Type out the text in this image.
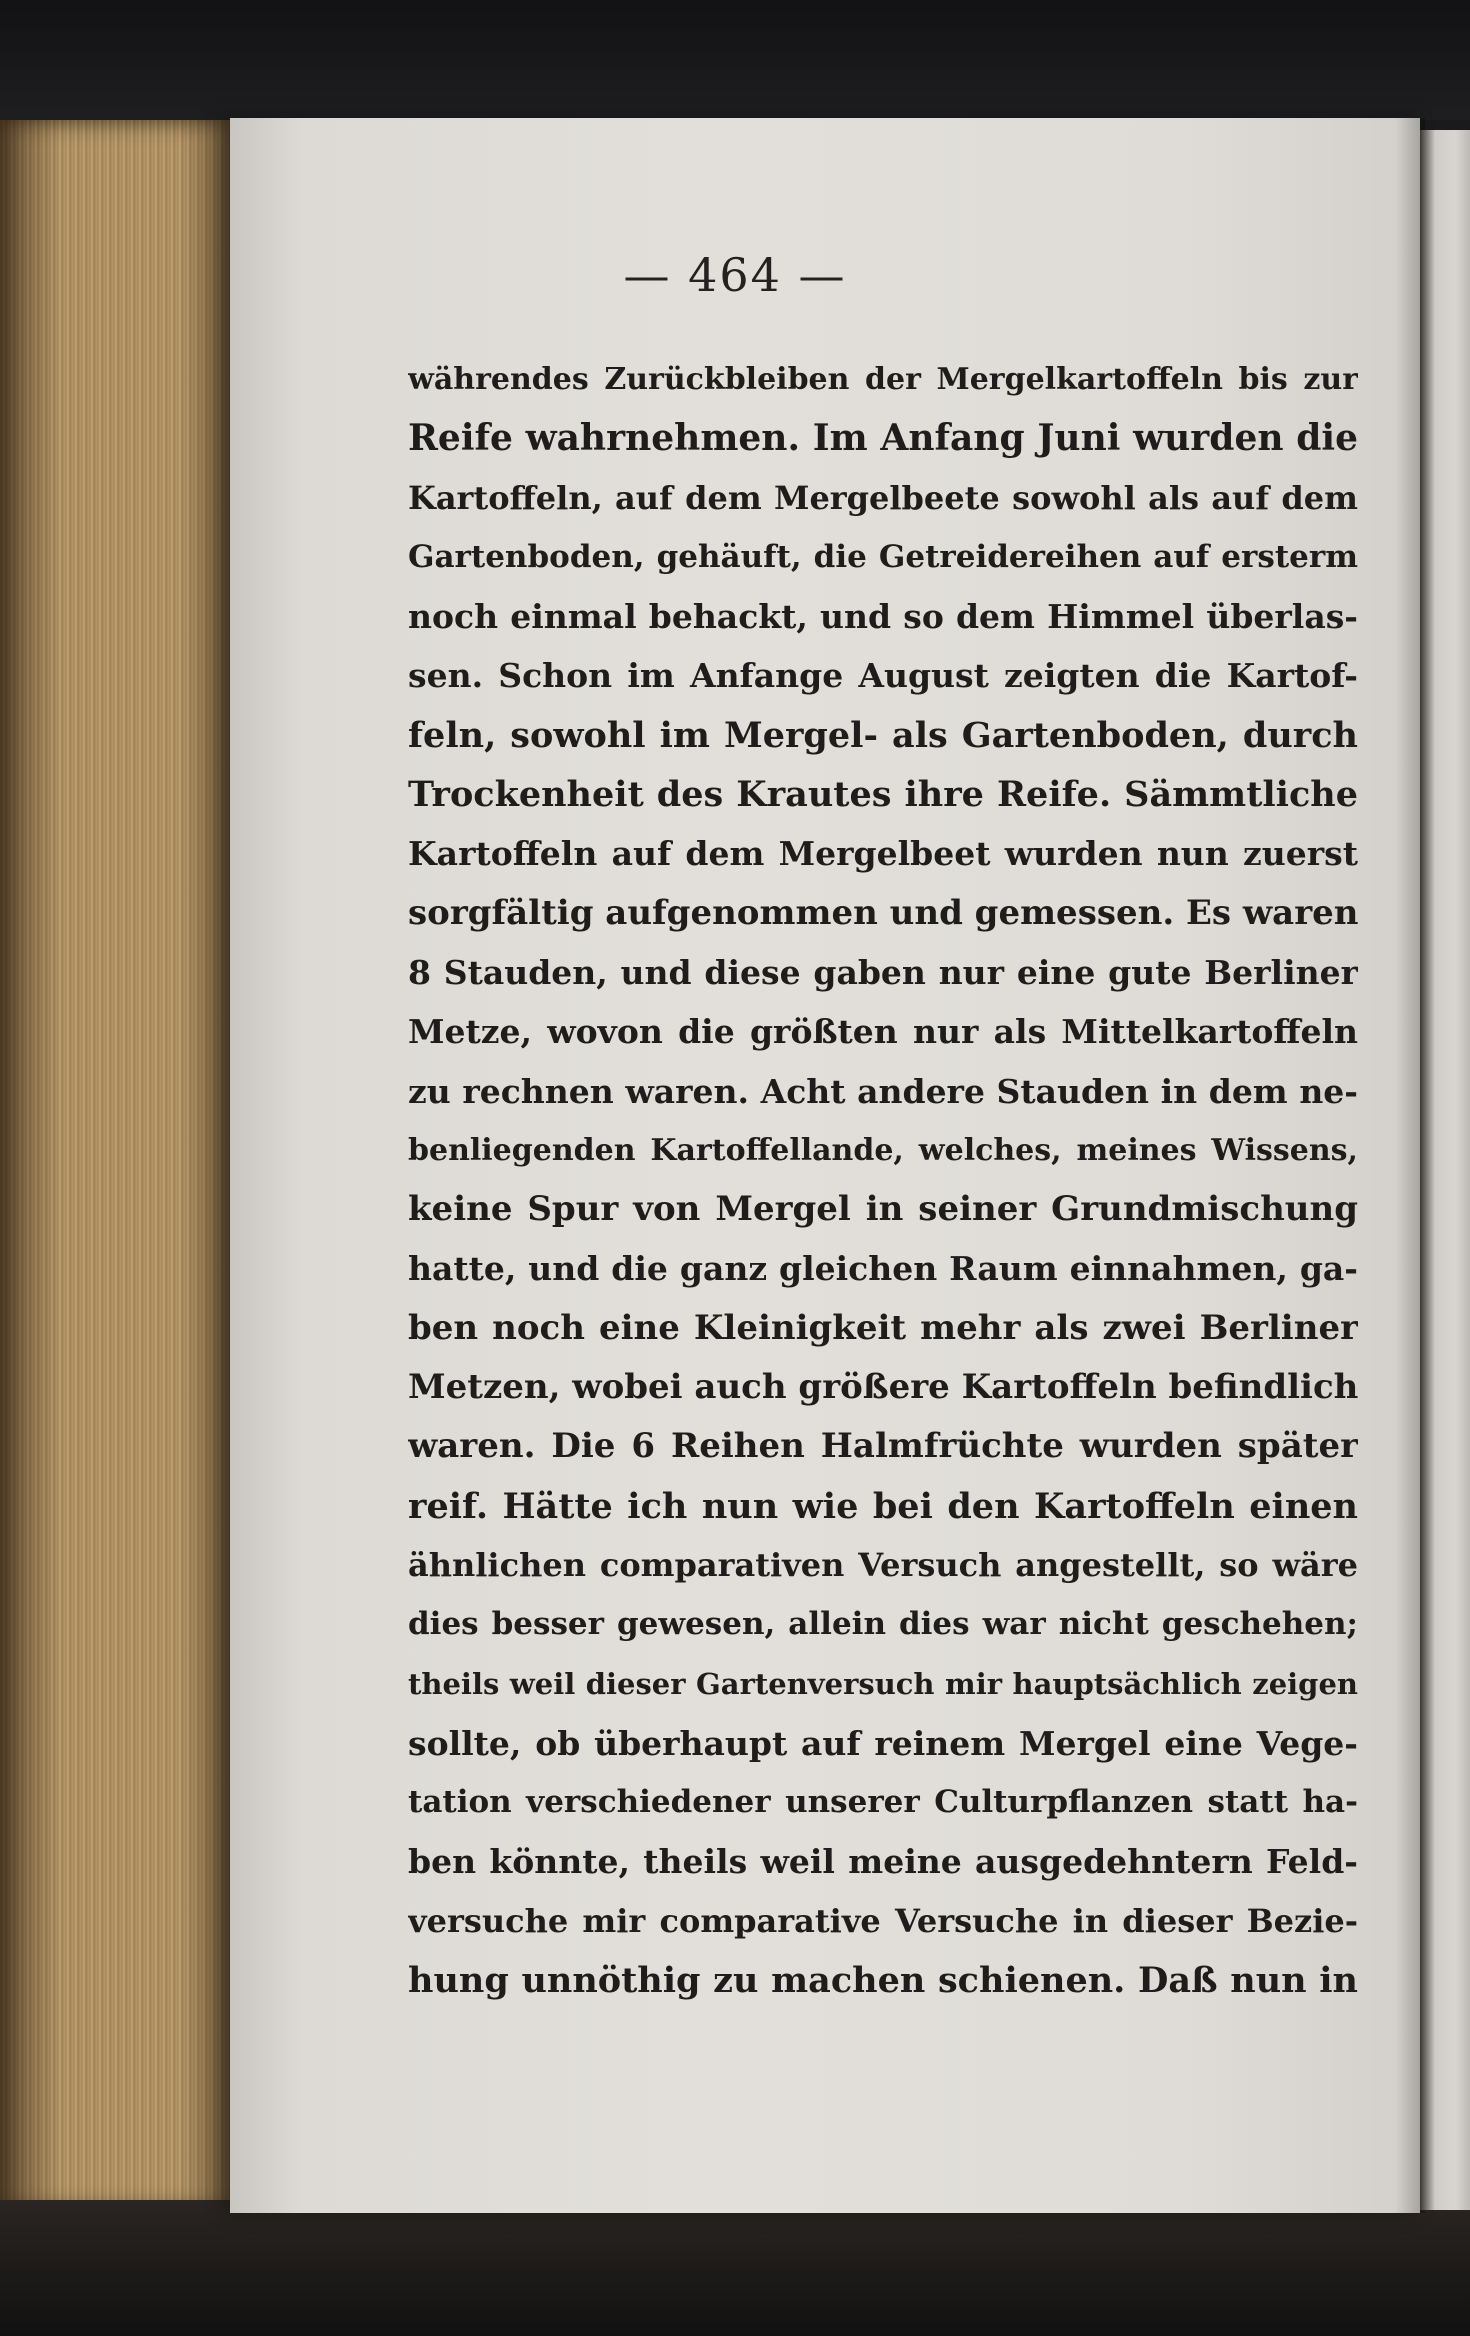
— 464 —
währendes Zurückbleiben der Mergelkartoffeln bis zur
Reife wahrnehmen. Im Anfang Juni wurden die
Kartoffeln, auf dem Mergelbeete sowohl als auf dem
Gartenboden, gehäuft, die Getreidereihen auf ersterm
noch einmal behackt, und so dem Himmel überlas-
sen. Schon im Anfange August zeigten die Kartof-
feln, sowohl im Mergel- als Gartenboden, durch
Trockenheit des Krautes ihre Reife. Sämmtliche
Kartoffeln auf dem Mergelbeet wurden nun zuerst
sorgfältig aufgenommen und gemessen. Es waren
8 Stauden, und diese gaben nur eine gute Berliner
Metze, wovon die größten nur als Mittelkartoffeln
zu rechnen waren. Acht andere Stauden in dem ne-
benliegenden Kartoffellande, welches, meines Wissens,
keine Spur von Mergel in seiner Grundmischung
hatte, und die ganz gleichen Raum einnahmen, ga-
ben noch eine Kleinigkeit mehr als zwei Berliner
Metzen, wobei auch größere Kartoffeln befindlich
waren. Die 6 Reihen Halmfrüchte wurden später
reif. Hätte ich nun wie bei den Kartoffeln einen
ähnlichen comparativen Versuch angestellt, so wäre
dies besser gewesen, allein dies war nicht geschehen;
theils weil dieser Gartenversuch mir hauptsächlich zeigen
sollte, ob überhaupt auf reinem Mergel eine Vege-
tation verschiedener unserer Culturpflanzen statt ha-
ben könnte, theils weil meine ausgedehntern Feld-
versuche mir comparative Versuche in dieser Bezie-
hung unnöthig zu machen schienen. Daß nun in
